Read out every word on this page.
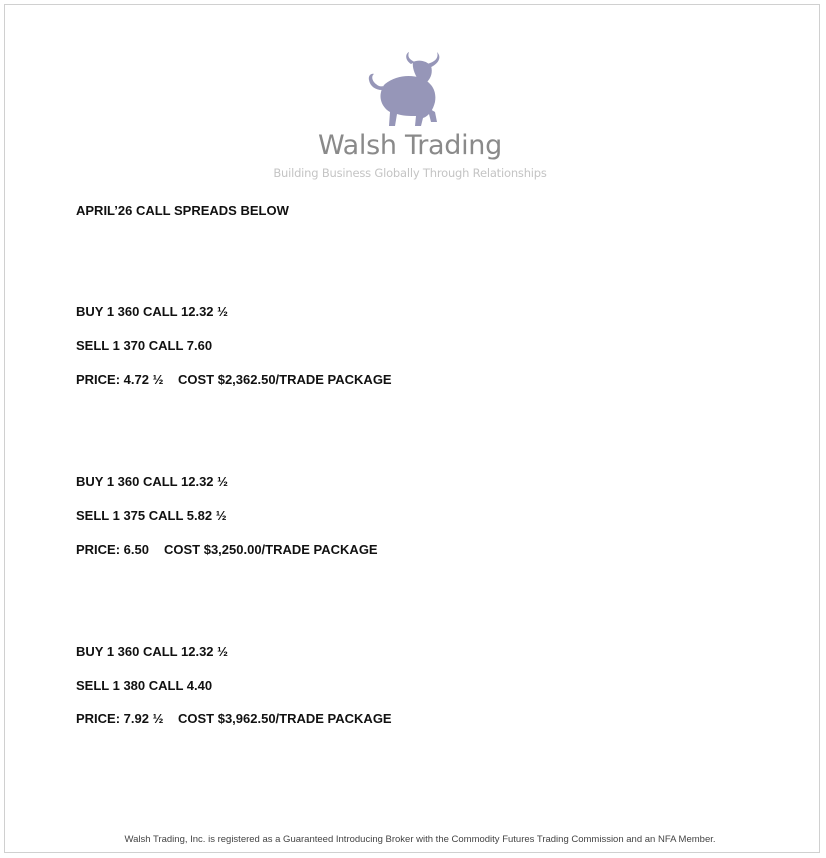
Walsh Trading
Building Business Globally Through Relationships
APRIL’26 CALL SPREADS BELOW
BUY 1 360 CALL 12.32 ½
SELL 1 370 CALL 7.60
PRICE: 4.72 ½ COST $2,362.50/TRADE PACKAGE
BUY 1 360 CALL 12.32 ½
SELL 1 375 CALL 5.82 ½
PRICE: 6.50 COST $3,250.00/TRADE PACKAGE
BUY 1 360 CALL 12.32 ½
SELL 1 380 CALL 4.40
PRICE: 7.92 ½ COST $3,962.50/TRADE PACKAGE
Walsh Trading, Inc. is registered as a Guaranteed Introducing Broker with the Commodity Futures Trading Commission and an NFA Member.
